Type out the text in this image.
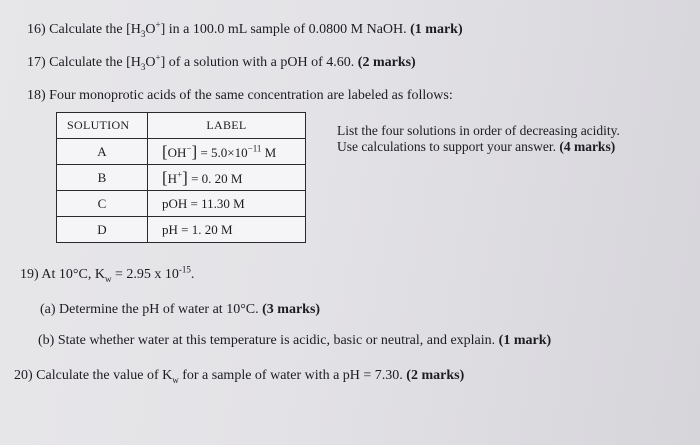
16) Calculate the $[H_3O^+]$ in a 100.0 mL sample of 0.0800 M NaOH. (1 mark)
17) Calculate the $[H_3O^+]$ of a solution with a pOH of 4.60. (2 marks)
18) Four monoprotic acids of the same concentration are labeled as follows:
SOLUTION	LABEL
A	$[OH^-] = 5.0\times 10^{-11}$ M
B	[H+] = 0. 20 M
C	pOH = 11.30 M
D	pH = 1. 20 M
List the four solutions in order of decreasing acidity.
Use calculations to support your answer. (4 marks)
19) At 10°C, $K_w = 2.95$ x $10^{-15}$.
(a) Determine the pH of water at 10°C. (3 marks)
(b) State whether water at this temperature is acidic, basic or neutral, and explain. (1 mark)
20) Calculate the value of $K_w$ for a sample of water with a pH = 7.30. (2 marks)
